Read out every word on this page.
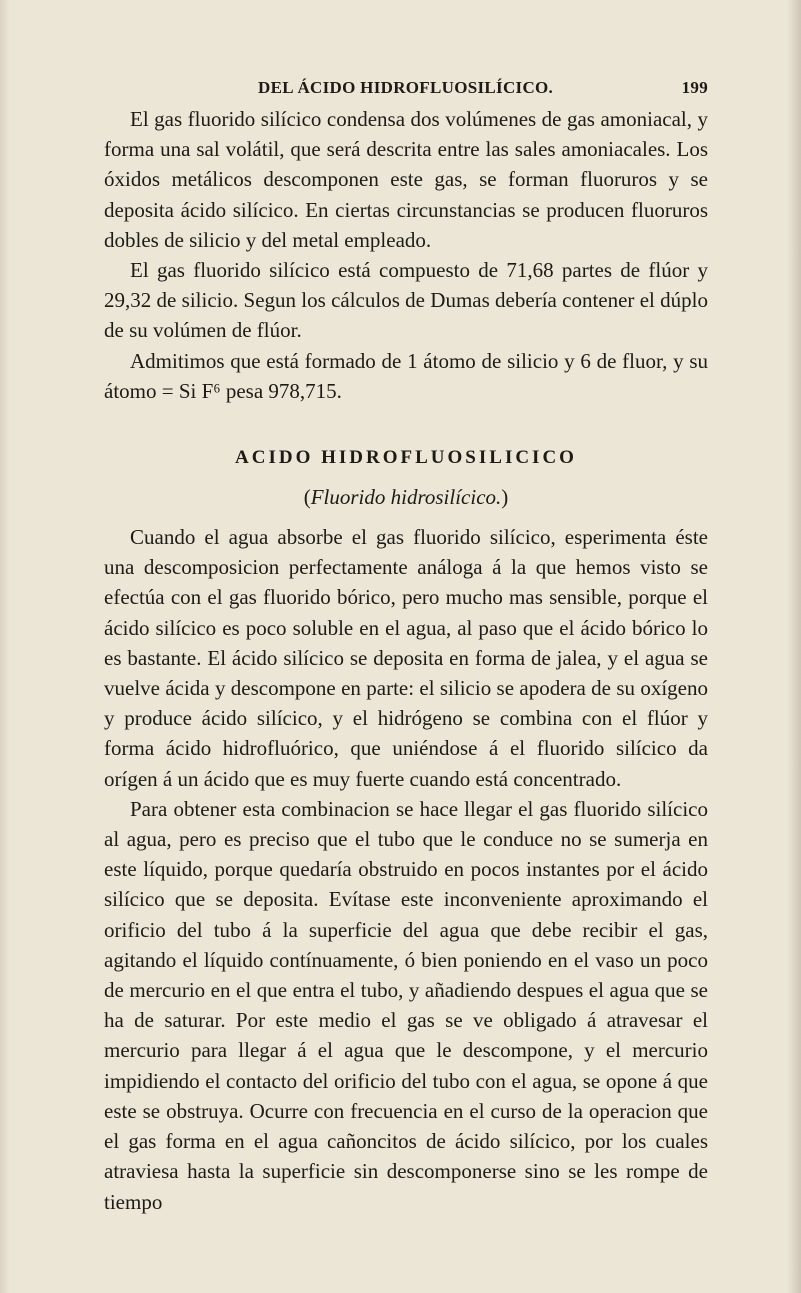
DEL ÁCIDO HIDROFLUOSILÍCICO.	199

El gas fluorido silícico condensa dos volúmenes de gas amoniacal, y forma una sal volátil, que será descrita entre las sales amoniacales. Los óxidos metálicos descomponen este gas, se forman fluoruros y se deposita ácido silícico. En ciertas circunstancias se producen fluoruros dobles de silicio y del metal empleado.

El gas fluorido silícico está compuesto de 71,68 partes de flúor y 29,32 de silicio. Segun los cálculos de Dumas debería contener el dúplo de su volúmen de flúor.

Admitimos que está formado de 1 átomo de silicio y 6 de fluor, y su átomo = Si F⁶ pesa 978,715.

ACIDO HIDROFLUOSILICICO
(Fluorido hidrosilícico.)

Cuando el agua absorbe el gas fluorido silícico, esperimenta éste una descomposicion perfectamente análoga á la que hemos visto se efectúa con el gas fluorido bórico, pero mucho mas sensible, porque el ácido silícico es poco soluble en el agua, al paso que el ácido bórico lo es bastante. El ácido silícico se deposita en forma de jalea, y el agua se vuelve ácida y descompone en parte: el silicio se apodera de su oxígeno y produce ácido silícico, y el hidrógeno se combina con el flúor y forma ácido hidrofluórico, que uniéndose á el fluorido silícico da orígen á un ácido que es muy fuerte cuando está concentrado.

Para obtener esta combinacion se hace llegar el gas fluorido silícico al agua, pero es preciso que el tubo que le conduce no se sumerja en este líquido, porque quedaría obstruido en pocos instantes por el ácido silícico que se deposita. Evítase este inconveniente aproximando el orificio del tubo á la superficie del agua que debe recibir el gas, agitando el líquido contínuamente, ó bien poniendo en el vaso un poco de mercurio en el que entra el tubo, y añadiendo despues el agua que se ha de saturar. Por este medio el gas se ve obligado á atravesar el mercurio para llegar á el agua que le descompone, y el mercurio impidiendo el contacto del orificio del tubo con el agua, se opone á que este se obstruya. Ocurre con frecuencia en el curso de la operacion que el gas forma en el agua cañoncitos de ácido silícico, por los cuales atraviesa hasta la superficie sin descomponerse sino se les rompe de tiempo
